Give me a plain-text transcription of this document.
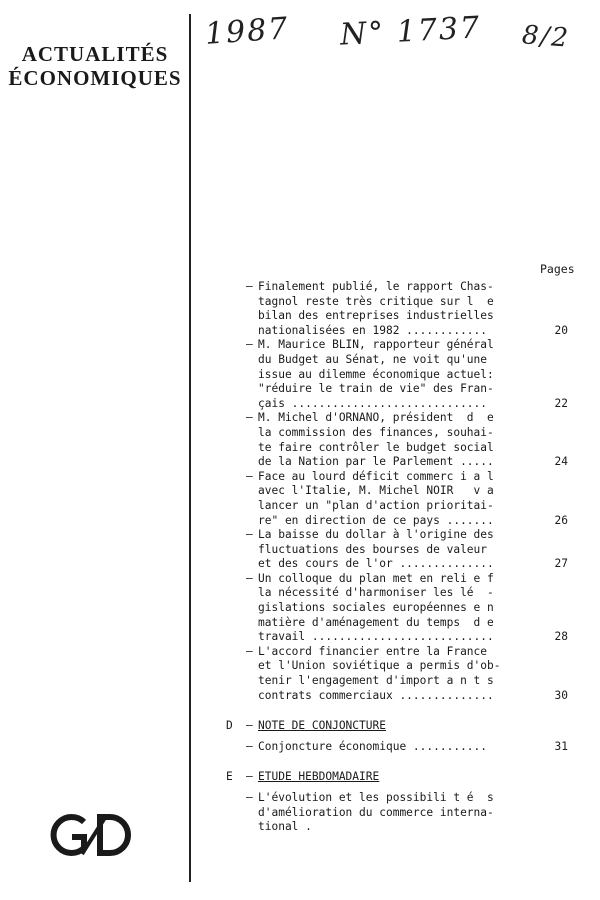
ACTUALITÉS
ÉCONOMIQUES
1987 N° 1737 8/2
Pages
– Finalement publié, le rapport Chas-
tagnol reste très critique sur l  e
bilan des entreprises industrielles
nationalisées en 1982 ............	20
– M. Maurice BLIN, rapporteur général
du Budget au Sénat, ne voit qu'une
issue au dilemme économique actuel:
"réduire le train de vie" des Fran-
çais .............................	22
– M. Michel d'ORNANO, président  d  e
la commission des finances, souhai-
te faire contrôler le budget social
de la Nation par le Parlement .....	24
– Face au lourd déficit commerc i a l
avec l'Italie, M. Michel NOIR   v a
lancer un "plan d'action prioritai-
re" en direction de ce pays .......	26
– La baisse du dollar à l'origine des
fluctuations des bourses de valeur
et des cours de l'or ..............	27
– Un colloque du plan met en reli e f
la nécessité d'harmoniser les lé  -
gislations sociales européennes e n
matière d'aménagement du temps  d e
travail ...........................	28
– L'accord financier entre la France
et l'Union soviétique a permis d'ob-
tenir l'engagement d'import a n t s
contrats commerciaux ..............	30
D – NOTE DE CONJONCTURE
– Conjoncture économique ...........	31
E – ETUDE HEBDOMADAIRE
– L'évolution et les possibili t é  s
d'amélioration du commerce interna-
tional .
